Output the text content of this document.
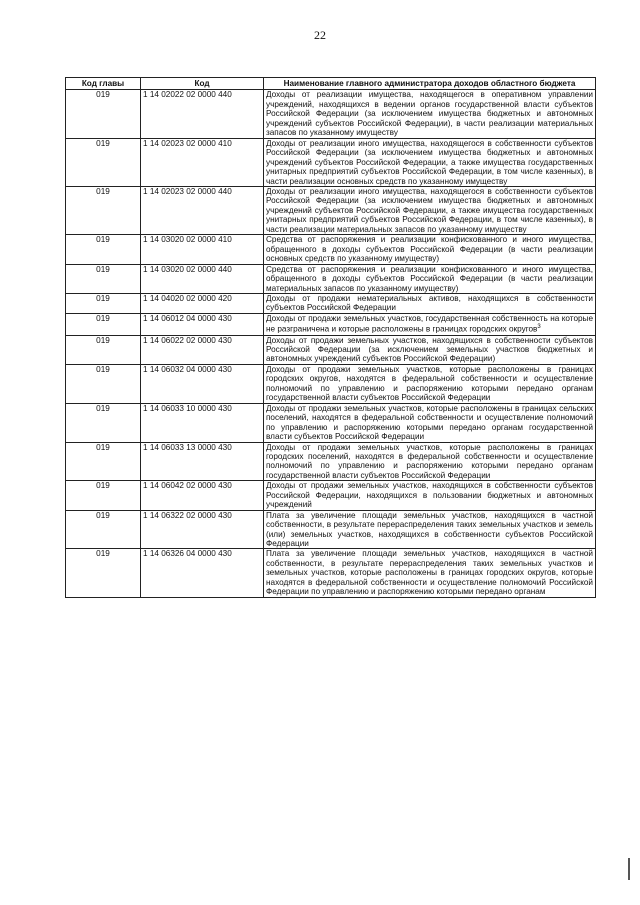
22
Код главы	Код	Наименование главного администратора доходов областного бюджета
019	1 14 02022 02 0000 440	Доходы от реализации имущества, находящегося в оперативном управлении учреждений, находящихся в ведении органов государственной власти субъектов Российской Федерации (за исключением имущества бюджетных и автономных учреждений субъектов Российской Федерации), в части реализации материальных запасов по указанному имуществу
019	1 14 02023 02 0000 410	Доходы от реализации иного имущества, находящегося в собственности субъектов Российской Федерации (за исключением имущества бюджетных и автономных учреждений субъектов Российской Федерации, а также имущества государственных унитарных предприятий субъектов Российской Федерации, в том числе казенных), в части реализации основных средств по указанному имуществу
019	1 14 02023 02 0000 440	Доходы от реализации иного имущества, находящегося в собственности субъектов Российской Федерации (за исключением имущества бюджетных и автономных учреждений субъектов Российской Федерации, а также имущества государственных унитарных предприятий субъектов Российской Федерации, в том числе казенных), в части реализации материальных запасов по указанному имуществу
019	1 14 03020 02 0000 410	Средства от распоряжения и реализации конфискованного и иного имущества, обращенного в доходы субъектов Российской Федерации (в части реализации основных средств по указанному имуществу)
019	1 14 03020 02 0000 440	Средства от распоряжения и реализации конфискованного и иного имущества, обращенного в доходы субъектов Российской Федерации (в части реализации материальных запасов по указанному имуществу)
019	1 14 04020 02 0000 420	Доходы от продажи нематериальных активов, находящихся в собственности субъектов Российской Федерации
019	1 14 06012 04 0000 430	Доходы от продажи земельных участков, государственная собственность на которые не разграничена и которые расположены в границах городских округов$^3$
019	1 14 06022 02 0000 430	Доходы от продажи земельных участков, находящихся в собственности субъектов Российской Федерации (за исключением земельных участков бюджетных и автономных учреждений субъектов Российской Федерации)
019	1 14 06032 04 0000 430	Доходы от продажи земельных участков, которые расположены в границах городских округов, находятся в федеральной собственности и осуществление полномочий по управлению и распоряжению которыми передано органам государственной власти субъектов Российской Федерации
019	1 14 06033 10 0000 430	Доходы от продажи земельных участков, которые расположены в границах сельских поселений, находятся в федеральной собственности и осуществление полномочий по управлению и распоряжению которыми передано органам государственной власти субъектов Российской Федерации
019	1 14 06033 13 0000 430	Доходы от продажи земельных участков, которые расположены в границах городских поселений, находятся в федеральной собственности и осуществление полномочий по управлению и распоряжению которыми передано органам государственной власти субъектов Российской Федерации
019	1 14 06042 02 0000 430	Доходы от продажи земельных участков, находящихся в собственности субъектов Российской Федерации, находящихся в пользовании бюджетных и автономных учреждений
019	1 14 06322 02 0000 430	Плата за увеличение площади земельных участков, находящихся в частной собственности, в результате перераспределения таких земельных участков и земель (или) земельных участков, находящихся в собственности субъектов Российской Федерации
019	1 14 06326 04 0000 430	Плата за увеличение площади земельных участков, находящихся в частной собственности, в результате перераспределения таких земельных участков и земельных участков, которые расположены в границах городских округов, которые находятся в федеральной собственности и осуществление полномочий Российской Федерации по управлению и распоряжению которыми передано органам
